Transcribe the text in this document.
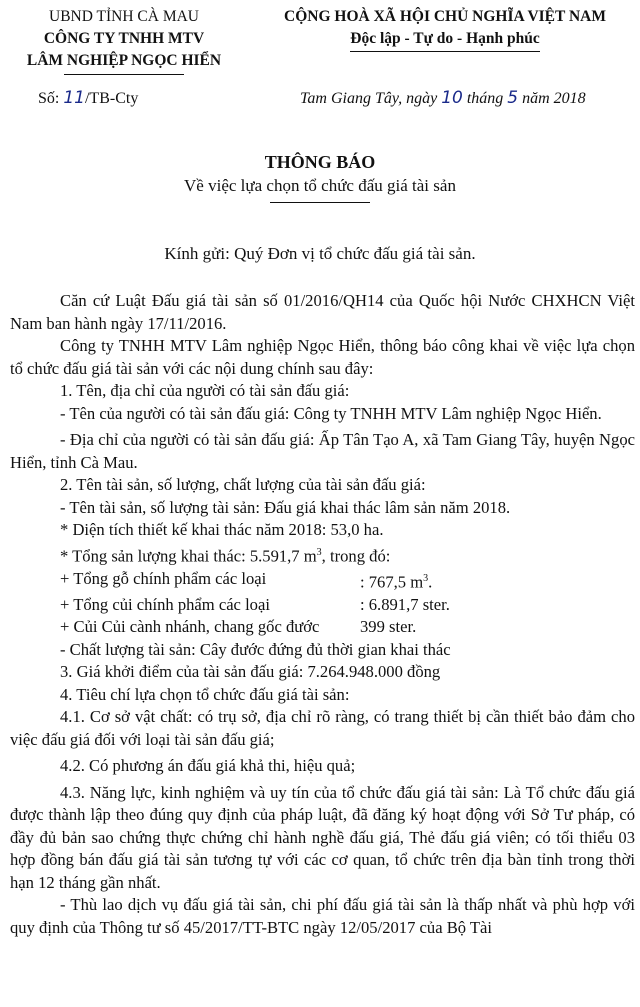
UBND TỈNH CÀ MAU
CÔNG TY TNHH MTV
LÂM NGHIỆP NGỌC HIỂN
CỘNG HOÀ XÃ HỘI CHỦ NGHĨA VIỆT NAM
Độc lập - Tự do - Hạnh phúc
Số: 11/TB-Cty	Tam Giang Tây, ngày 10 tháng 5 năm 2018
THÔNG BÁO
Về việc lựa chọn tổ chức đấu giá tài sản
Kính gửi: Quý Đơn vị tổ chức đấu giá tài sản.

Căn cứ Luật Đấu giá tài sản số 01/2016/QH14 của Quốc hội Nước CHXHCN Việt Nam ban hành ngày 17/11/2016.

Công ty TNHH MTV Lâm nghiệp Ngọc Hiển, thông báo công khai về việc lựa chọn tổ chức đấu giá tài sản với các nội dung chính sau đây:

1. Tên, địa chỉ của người có tài sản đấu giá:

- Tên của người có tài sản đấu giá: Công ty TNHH MTV Lâm nghiệp Ngọc Hiển.

- Địa chỉ của người có tài sản đấu giá: Ấp Tân Tạo A, xã Tam Giang Tây, huyện Ngọc Hiển, tỉnh Cà Mau.

2. Tên tài sản, số lượng, chất lượng của tài sản đấu giá:

- Tên tài sản, số lượng tài sản: Đấu giá khai thác lâm sản năm 2018.

* Diện tích thiết kế khai thác năm 2018: 53,0 ha.

* Tổng sản lượng khai thác: 5.591,7 $m^3$, trong đó:

+ Tổng gỗ chính phẩm các loại	: 767,5 $m^3$.
+ Tổng củi chính phẩm các loại	: 6.891,7 ster.
+ Củi Củi cành nhánh, chang gốc đước	399 ster.

- Chất lượng tài sản: Cây đước đứng đủ thời gian khai thác

3. Giá khởi điểm của tài sản đấu giá: 7.264.948.000 đồng

4. Tiêu chí lựa chọn tổ chức đấu giá tài sản:

4.1. Cơ sở vật chất: có trụ sở, địa chỉ rõ ràng, có trang thiết bị cần thiết bảo đảm cho việc đấu giá đối với loại tài sản đấu giá;

4.2. Có phương án đấu giá khả thi, hiệu quả;

4.3. Năng lực, kinh nghiệm và uy tín của tổ chức đấu giá tài sản: Là Tổ chức đấu giá được thành lập theo đúng quy định của pháp luật, đã đăng ký hoạt động với Sở Tư pháp, có đầy đủ bản sao chứng thực chứng chỉ hành nghề đấu giá, Thẻ đấu giá viên; có tối thiểu 03 hợp đồng bán đấu giá tài sản tương tự với các cơ quan, tổ chức trên địa bàn tỉnh trong thời hạn 12 tháng gần nhất.

- Thù lao dịch vụ đấu giá tài sản, chi phí đấu giá tài sản là thấp nhất và phù hợp với quy định của Thông tư số 45/2017/TT-BTC ngày 12/05/2017 của Bộ Tài
